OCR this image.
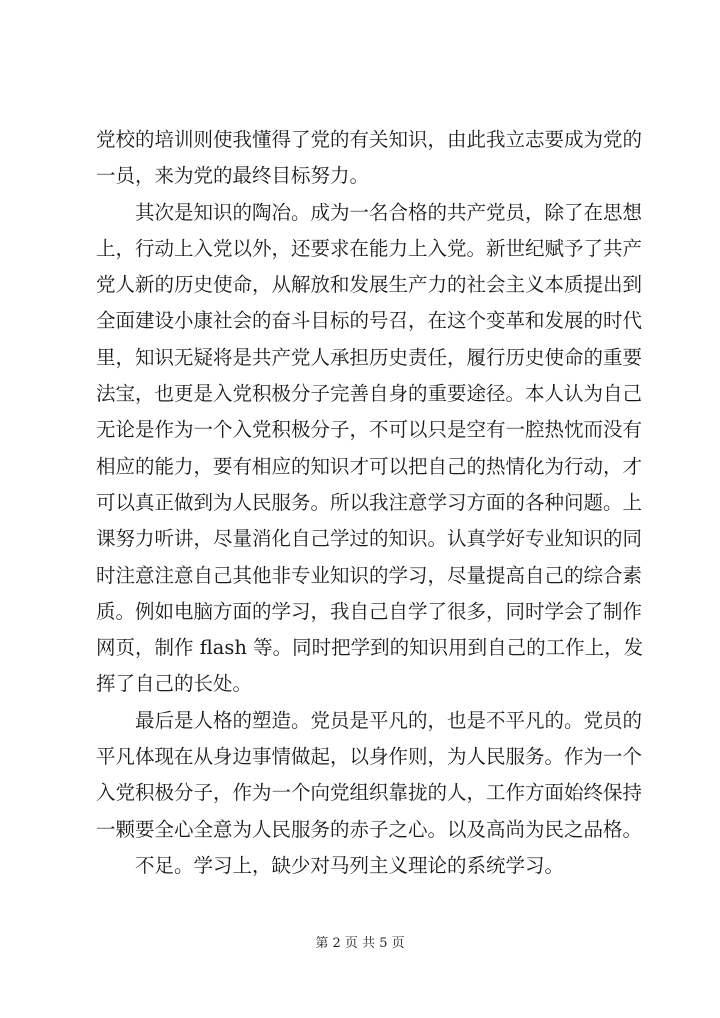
党校的培训则使我懂得了党的有关知识，由此我立志要成为党的
一员，来为党的最终目标努力。
其次是知识的陶冶。成为一名合格的共产党员，除了在思想
上，行动上入党以外，还要求在能力上入党。新世纪赋予了共产
党人新的历史使命，从解放和发展生产力的社会主义本质提出到
全面建设小康社会的奋斗目标的号召，在这个变革和发展的时代
里，知识无疑将是共产党人承担历史责任，履行历史使命的重要
法宝，也更是入党积极分子完善自身的重要途径。本人认为自己
无论是作为一个入党积极分子，不可以只是空有一腔热忱而没有
相应的能力，要有相应的知识才可以把自己的热情化为行动，才
可以真正做到为人民服务。所以我注意学习方面的各种问题。上
课努力听讲，尽量消化自己学过的知识。认真学好专业知识的同
时注意注意自己其他非专业知识的学习，尽量提高自己的综合素
质。例如电脑方面的学习，我自己自学了很多，同时学会了制作
网页，制作 flash 等。同时把学到的知识用到自己的工作上，发
挥了自己的长处。
最后是人格的塑造。党员是平凡的，也是不平凡的。党员的
平凡体现在从身边事情做起，以身作则，为人民服务。作为一个
入党积极分子，作为一个向党组织靠拢的人，工作方面始终保持
一颗要全心全意为人民服务的赤子之心。以及高尚为民之品格。
不足。学习上，缺少对马列主义理论的系统学习。
第 2 页 共 5 页
